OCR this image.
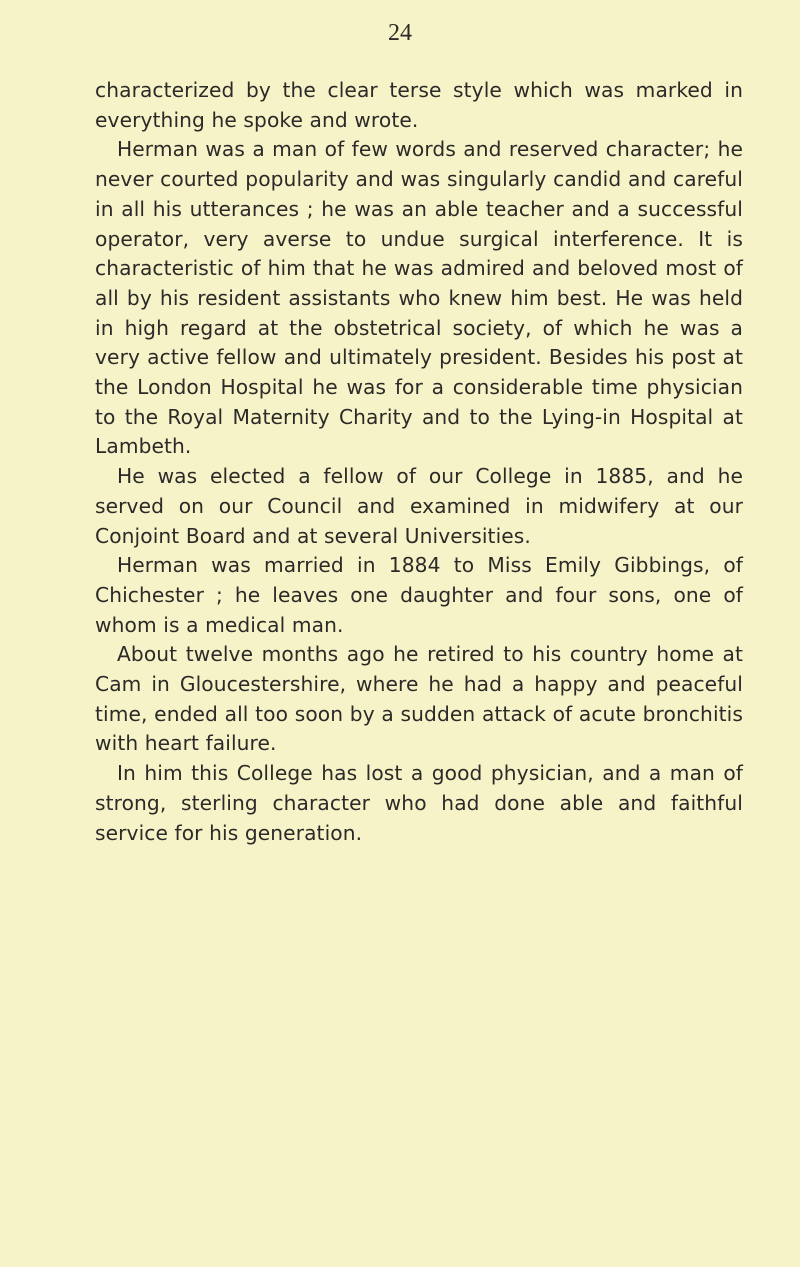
24

characterized by the clear terse style which was marked in everything he spoke and wrote.

Herman was a man of few words and reserved character; he never courted popularity and was singularly candid and careful in all his utterances ; he was an able teacher and a successful operator, very averse to undue surgical interference. It is characteristic of him that he was admired and beloved most of all by his resident assistants who knew him best. He was held in high regard at the obstetrical society, of which he was a very active fellow and ultimately president. Besides his post at the London Hospital he was for a considerable time physician to the Royal Maternity Charity and to the Lying-in Hospital at Lambeth.

He was elected a fellow of our College in 1885, and he served on our Council and examined in midwifery at our Conjoint Board and at several Universities.

Herman was married in 1884 to Miss Emily Gibbings, of Chichester ; he leaves one daughter and four sons, one of whom is a medical man.

About twelve months ago he retired to his country home at Cam in Gloucestershire, where he had a happy and peaceful time, ended all too soon by a sudden attack of acute bronchitis with heart failure.

In him this College has lost a good physician, and a man of strong, sterling character who had done able and faithful service for his generation.
